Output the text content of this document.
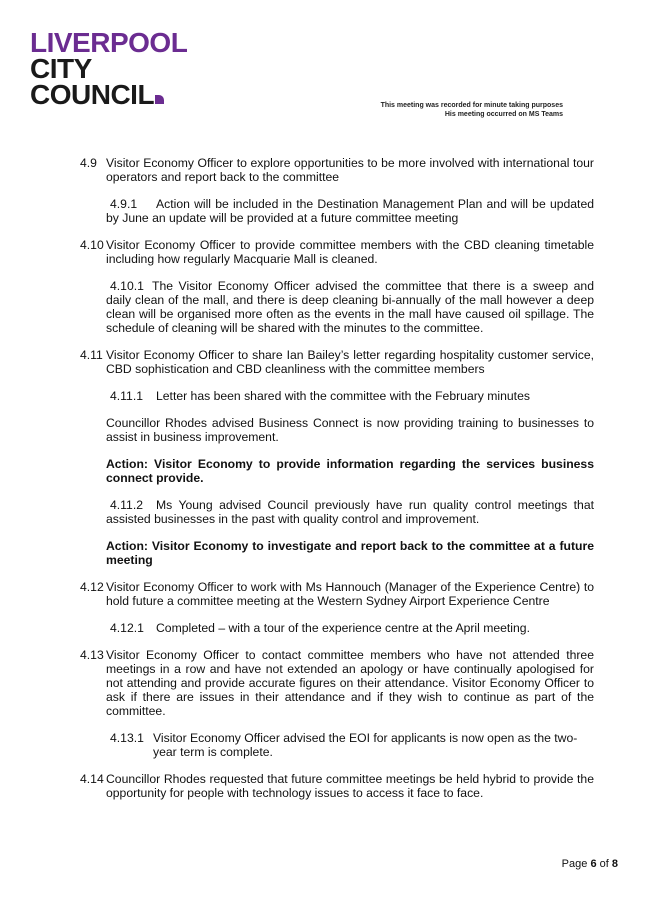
LIVERPOOL
CITY
COUNCIL	This meeting was recorded for minute taking purposes
His meeting occurred on MS Teams
4.9 Visitor Economy Officer to explore opportunities to be more involved with international tour operators and report back to the committee
4.9.1 Action will be included in the Destination Management Plan and will be updated by June an update will be provided at a future committee meeting
4.10 Visitor Economy Officer to provide committee members with the CBD cleaning timetable including how regularly Macquarie Mall is cleaned.
4.10.1 The Visitor Economy Officer advised the committee that there is a sweep and daily clean of the mall, and there is deep cleaning bi-annually of the mall however a deep clean will be organised more often as the events in the mall have caused oil spillage. The schedule of cleaning will be shared with the minutes to the committee.
4.11 Visitor Economy Officer to share Ian Bailey’s letter regarding hospitality customer service, CBD sophistication and CBD cleanliness with the committee members
4.11.1 Letter has been shared with the committee with the February minutes
Councillor Rhodes advised Business Connect is now providing training to businesses to assist in business improvement.
Action: Visitor Economy to provide information regarding the services business connect provide.
4.11.2 Ms Young advised Council previously have run quality control meetings that assisted businesses in the past with quality control and improvement.
Action: Visitor Economy to investigate and report back to the committee at a future meeting
4.12 Visitor Economy Officer to work with Ms Hannouch (Manager of the Experience Centre) to hold future a committee meeting at the Western Sydney Airport Experience Centre
4.12.1 Completed – with a tour of the experience centre at the April meeting.
4.13 Visitor Economy Officer to contact committee members who have not attended three meetings in a row and have not extended an apology or have continually apologised for not attending and provide accurate figures on their attendance. Visitor Economy Officer to ask if there are issues in their attendance and if they wish to continue as part of the committee.
4.13.1 Visitor Economy Officer advised the EOI for applicants is now open as the two-year term is complete.
4.14 Councillor Rhodes requested that future committee meetings be held hybrid to provide the opportunity for people with technology issues to access it face to face.
Page 6 of 8
